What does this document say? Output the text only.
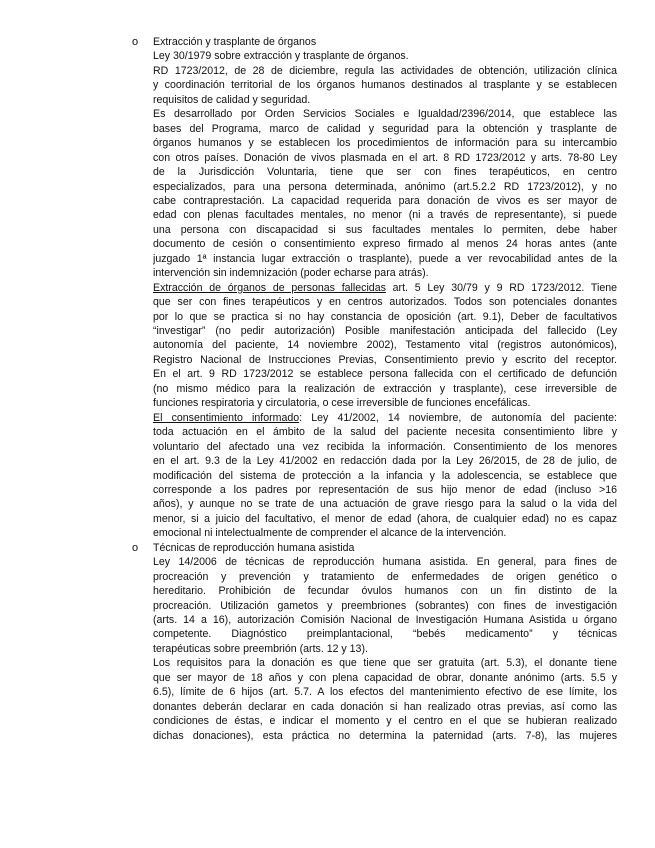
o Extracción y trasplante de órganos
Ley 30/1979 sobre extracción y trasplante de órganos.
RD 1723/2012, de 28 de diciembre, regula las actividades de obtención, utilización clínica
y coordinación territorial de los órganos humanos destinados al trasplante y se establecen
requisitos de calidad y seguridad.
Es desarrollado por Orden Servicios Sociales e Igualdad/2396/2014, que establece las
bases del Programa, marco de calidad y seguridad para la obtención y trasplante de
órganos humanos y se establecen los procedimientos de información para su intercambio
con otros países. Donación de vivos plasmada en el art. 8 RD 1723/2012 y arts. 78-80 Ley
de la Jurisdicción Voluntaria, tiene que ser con fines terapéuticos, en centro
especializados, para una persona determinada, anónimo (art.5.2.2 RD 1723/2012), y no
cabe contraprestación. La capacidad requerida para donación de vivos es ser mayor de
edad con plenas facultades mentales, no menor (ni a través de representante), si puede
una persona con discapacidad si sus facultades mentales lo permiten, debe haber
documento de cesión o consentimiento expreso firmado al menos 24 horas antes (ante
juzgado 1ª instancia lugar extracción o trasplante), puede a ver revocabilidad antes de la
intervención sin indemnización (poder echarse para atrás).
Extracción de órganos de personas fallecidas art. 5 Ley 30/79 y 9 RD 1723/2012. Tiene
que ser con fines terapéuticos y en centros autorizados. Todos son potenciales donantes
por lo que se practica si no hay constancia de oposición (art. 9.1), Deber de facultativos
“investigar” (no pedir autorización) Posible manifestación anticipada del fallecido (Ley
autonomía del paciente, 14 noviembre 2002), Testamento vital (registros autonómicos),
Registro Nacional de Instrucciones Previas, Consentimiento previo y escrito del receptor.
En el art. 9 RD 1723/2012 se establece persona fallecida con el certificado de defunción
(no mismo médico para la realización de extracción y trasplante), cese irreversible de
funciones respiratoria y circulatoria, o cese irreversible de funciones encefálicas.
El consentimiento informado: Ley 41/2002, 14 noviembre, de autonomía del paciente:
toda actuación en el ámbito de la salud del paciente necesita consentimiento libre y
voluntario del afectado una vez recibida la información. Consentimiento de los menores
en el art. 9.3 de la Ley 41/2002 en redacción dada por la Ley 26/2015, de 28 de julio, de
modificación del sistema de protección a la infancia y la adolescencia, se establece que
corresponde a los padres por representación de sus hijo menor de edad (incluso >16
años), y aunque no se trate de una actuación de grave riesgo para la salud o la vida del
menor, si a juicio del facultativo, el menor de edad (ahora, de cualquier edad) no es capaz
emocional ni intelectualmente de comprender el alcance de la intervención.
o Técnicas de reproducción humana asistida
Ley 14/2006 de técnicas de reproducción humana asistida. En general, para fines de
procreación y prevención y tratamiento de enfermedades de origen genético o
hereditario. Prohibición de fecundar óvulos humanos con un fin distinto de la
procreación. Utilización gametos y preembriones (sobrantes) con fines de investigación
(arts. 14 a 16), autorización Comisión Nacional de Investigación Humana Asistida u órgano
competente. Diagnóstico preimplantacional, “bebés medicamento” y técnicas
terapéuticas sobre preembrión (arts. 12 y 13).
Los requisitos para la donación es que tiene que ser gratuita (art. 5.3), el donante tiene
que ser mayor de 18 años y con plena capacidad de obrar, donante anónimo (arts. 5.5 y
6.5), límite de 6 hijos (art. 5.7. A los efectos del mantenimiento efectivo de ese límite, los
donantes deberán declarar en cada donación si han realizado otras previas, así como las
condiciones de éstas, e indicar el momento y el centro en el que se hubieran realizado
dichas donaciones), esta práctica no determina la paternidad (arts. 7-8), las mujeres
